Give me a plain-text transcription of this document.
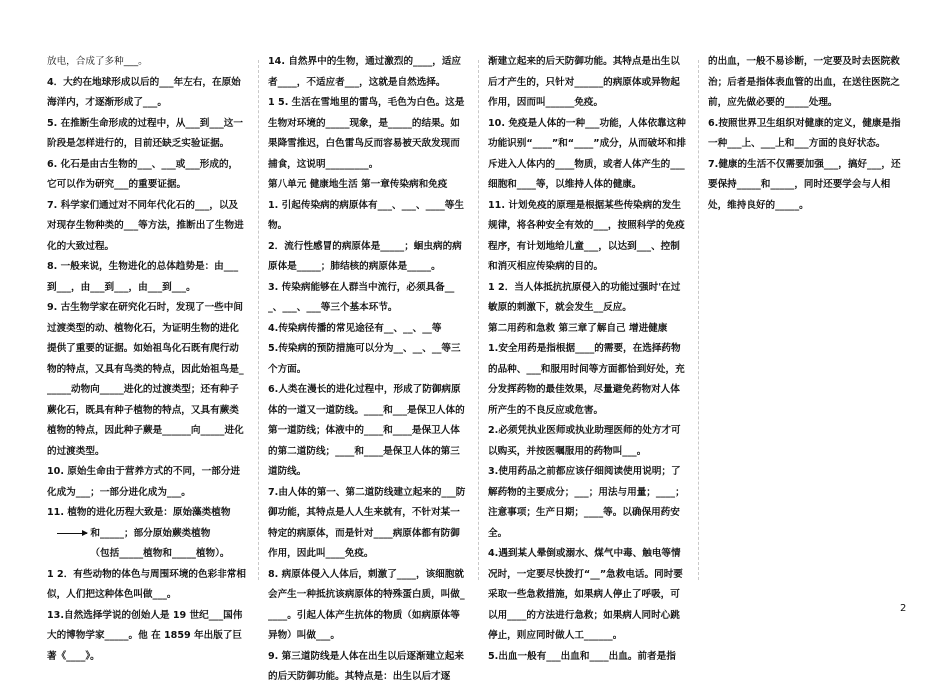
放电，合成了多种___。

4．大约在地球形成以后的___年左右，在原始海洋内，才逐渐形成了___。

5. 在推断生命形成的过程中，从___到___这一阶段是怎样进行的，目前还缺乏实验证据。

6. 化石是由古生物的___、___或___形成的，它可以作为研究___的重要证据。

7. 科学家们通过对不同年代化石的___，以及对现存生物种类的___等方法，推断出了生物进化的大致过程。

8. 一般来说，生物进化的总体趋势是：由___到___，由___到___，由___到___。

9. 古生物学家在研究化石时，发现了一些中间过渡类型的动、植物化石，为证明生物的进化提供了重要的证据。如始祖鸟化石既有爬行动物的特点，又具有鸟类的特点，因此始祖鸟是______动物向_____进化的过渡类型；还有种子蕨化石，既具有种子植物的特点，又具有蕨类植物的特点，因此种子蕨是______向_____进化的过渡类型。

10. 原始生命由于营养方式的不同，一部分进化成为___；一部分进化成为___。

11. 植物的进化历程大致是：原始藻类植物

和_____；部分原始蕨类植物

（包括_____植物和_____植物）。

1 2．有些动物的体色与周围环境的色彩非常相似，人们把这种体色叫做___。

13.自然选择学说的创始人是 19 世纪___国伟大的博物学家_____。他 在 1859 年出版了巨著《____》。

14. 自然界中的生物，通过激烈的____，适应者____，不适应者___，这就是自然选择。

1 5. 生活在雪地里的雷鸟，毛色为白色。这是生物对环境的_____现象，是_____的结果。如果降雪推迟，白色雷鸟反而容易被天敌发现而捕食，这说明_________。

第八单元 健康地生活 第一章传染病和免疫

1. 引起传染病的病原体有___、___、____等生物。

2．流行性感冒的病原体是_____；蛔虫病的病原体是_____；肺结核的病原体是_____。

3. 传染病能够在人群当中流行，必须具备___、___、___等三个基本环节。

4.传染病传播的常见途径有__、__、__等

5.传染病的预防措施可以分为__、__、__等三个方面。

6.人类在漫长的进化过程中，形成了防御病原体的一道又一道防线。____和___是保卫人体的第一道防线；体液中的____和____是保卫人体的第二道防线；____和____是保卫人体的第三道防线。

7.由人体的第一、第二道防线建立起来的___防御功能，其特点是人人生来就有，不针对某一特定的病原体，而是针对____病原体都有防御作用，因此叫____免疫。

8. 病原体侵入人体后，刺激了____，该细胞就会产生一种抵抗该病原体的特殊蛋白质，叫做_____。引起人体产生抗体的物质（如病原体等异物）叫做___。

9. 第三道防线是人体在出生以后逐渐建立起来的后天防御功能。其特点是：出生以后才逐

渐建立起来的后天防御功能。其特点是出生以后才产生的，只针对______的病原体或异物起作用，因而叫______免疫。

10. 免疫是人体的一种___功能，人体依靠这种功能识别“____”和“____”成分，从而破坏和排斥进入人体内的____物质，或者人体产生的___细胞和____等，以维持人体的健康。

11. 计划免疫的原理是根据某些传染病的发生规律，将各种安全有效的___，按照科学的免疫程序，有计划地给儿童___，以达到___、控制和消灭相应传染病的目的。

1 2．当人体抵抗抗原侵入的功能过强时'在过敏原的刺激下，就会发生__反应。

第二用药和急救 第三章了解自己 增进健康

1.安全用药是指根据____的需要，在选择药物的品种、___和服用时间等方面都恰到好处，充分发挥药物的最佳效果，尽量避免药物对人体所产生的不良反应或危害。

2.必须凭执业医师或执业助理医师的处方才可以购买，并按医嘱服用的药物叫___。

3.使用药品之前都应该仔细阅读使用说明；了解药物的主要成分；___；用法与用量；____；注意事项；生产日期；____等。以确保用药安全。

4.遇到某人晕倒或溺水、煤气中毒、触电等情况时，一定要尽快拨打“__”急救电话。同时要采取一些急救措施，如果病人停止了呼吸，可以用____的方法进行急救；如果病人同时心跳停止，则应同时做人工______。

5.出血一般有___出血和____出血。前者是指

的出血，一般不易诊断，一定要及时去医院救治；后者是指体表血管的出血，在送往医院之前，应先做必要的_____处理。

6.按照世界卫生组织对健康的定义，健康是指一种___上、___上和___方面的良好状态。

7.健康的生活不仅需要加强___，搞好___，还要保持_____和_____，同时还要学会与人相处，维持良好的_____。

2
